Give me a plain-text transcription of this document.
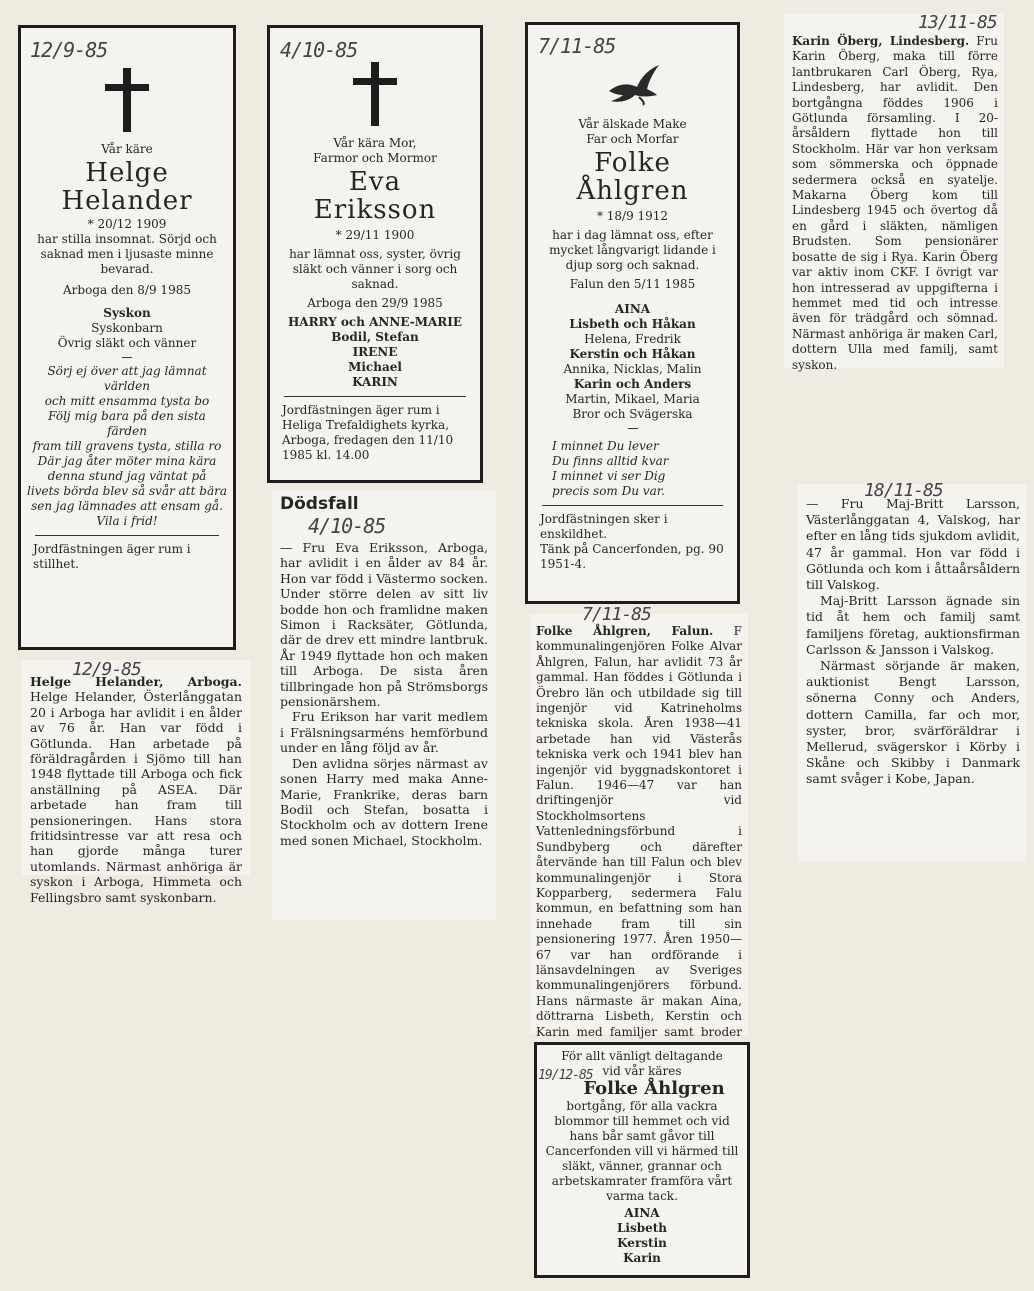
Vår käre
Helge
Helander
* 20/12 1909
har stilla insomnat. Sörjd och saknad men i ljusaste minne bevarad.
Arboga den 8/9 1985
Syskon
Syskonbarn
Övrig släkt och vänner
Sörj ej över att jag lämnat världen
och mitt ensamma tysta bo
Följ mig bara på den sista färden
fram till gravens tysta, stilla ro
Där jag åter möter mina kära
denna stund jag väntat på
livets börda blev så svår att bära
sen jag lämnades att ensam gå.
Vila i frid!
Jordfästningen äger rum i stillhet.
12/9-85
Helge Helander, Arboga. Helge Helander, Österlånggatan 20 i Arboga har avlidit i en ålder av 76 år. Han var född i Götlunda. Han arbetade på föräldragården i Sjömo till han 1948 flyttade till Arboga och fick anställning på ASEA. Där arbetade han fram till pensioneringen. Hans stora fritidsintresse var att resa och han gjorde många turer utomlands. Närmast anhöriga är syskon i Arboga, Himmeta och Fellingsbro samt syskonbarn.
12/9-85
Vår kära Mor,
Farmor och Mormor
Eva
Eriksson
* 29/11 1900
har lämnat oss, syster, övrig släkt och vänner i sorg och saknad.
Arboga den 29/9 1985
HARRY och ANNE-MARIE
Bodil, Stefan
IRENE
Michael
KARIN
Jordfästningen äger rum i Heliga Trefaldighets kyrka, Arboga, fredagen den 11/10 1985 kl. 14.00
4/10-85
Dödsfall
4/10-85
— Fru Eva Eriksson, Arboga, har avlidit i en ålder av 84 år. Hon var född i Västermo socken. Under större delen av sitt liv bodde hon och framlidne maken Simon i Racksäter, Götlunda, där de drev ett mindre lantbruk. År 1949 flyttade hon och maken till Arboga. De sista åren tillbringade hon på Strömsborgs pensionärshem.
Fru Erikson har varit medlem i Frälsningsarméns hemförbund under en lång följd av år.
Den avlidna sörjes närmast av sonen Harry med maka Anne-Marie, Frankrike, deras barn Bodil och Stefan, bosatta i Stockholm och av dottern Irene med sonen Michael, Stockholm.
Vår älskade Make
Far och Morfar
Folke
Åhlgren
* 18/9 1912
har i dag lämnat oss, efter mycket långvarigt lidande i djup sorg och saknad.
Falun den 5/11 1985
AINA
Lisbeth och Håkan
Helena, Fredrik
Kerstin och Håkan
Annika, Nicklas, Malin
Karin och Anders
Martin, Mikael, Maria
Bror och Svägerska
I minnet Du lever
Du finns alltid kvar
I minnet vi ser Dig
precis som Du var.
Jordfästningen sker i enskildhet.
Tänk på Cancerfonden, pg. 90 1951-4.
7/11-85
Folke Åhlgren, Falun. F kommunalingenjören Folke Alvar Åhlgren, Falun, har avlidit 73 år gammal. Han föddes i Götlunda i Örebro län och utbildade sig till ingenjör vid Katrineholms tekniska skola. Åren 1938—41 arbetade han vid Västerås tekniska verk och 1941 blev han ingenjör vid byggnadskontoret i Falun. 1946—47 var han driftingenjör vid Stockholmsortens Vattenledningsförbund i Sundbyberg och därefter återvände han till Falun och blev kommunalingenjör i Stora Kopparberg, sedermera Falu kommun, en befattning som han innehade fram till sin pensionering 1977. Åren 1950—67 var han ordförande i länsavdelningen av Sveriges kommunalingenjörers förbund. Hans närmaste är makan Aina, döttrarna Lisbeth, Kerstin och Karin med familjer samt broder
7/11-85
För allt vänligt deltagande
vid vår käres
Folke Åhlgren
bortgång, för alla vackra blommor till hemmet och vid hans bår samt gåvor till Cancerfonden vill vi härmed till släkt, vänner, grannar och arbetskamrater framföra vårt varma tack.
AINA
Lisbeth
Kerstin
Karin
19/12-85
Karin Öberg, Lindesberg. Fru Karin Öberg, maka till förre lantbrukaren Carl Öberg, Rya, Lindesberg, har avlidit. Den bortgångna föddes 1906 i Götlunda församling. I 20-årsåldern flyttade hon till Stockholm. Här var hon verksam som sömmerska och öppnade sedermera också en syatelje. Makarna Öberg kom till Lindesberg 1945 och övertog då en gård i släkten, nämligen Brudsten. Som pensionärer bosatte de sig i Rya. Karin Öberg var aktiv inom CKF. I övrigt var hon intresserad av uppgifterna i hemmet med tid och intresse även för trädgård och sömnad. Närmast anhöriga är maken Carl, dottern Ulla med familj, samt syskon.
13/11-85
— Fru Maj-Britt Larsson, Västerlånggatan 4, Valskog, har efter en lång tids sjukdom avlidit, 47 år gammal. Hon var född i Götlunda och kom i åttaårsåldern till Valskog.
Maj-Britt Larsson ägnade sin tid åt hem och familj samt familjens företag, auktionsfirman Carlsson & Jansson i Valskog.
Närmast sörjande är maken, auktionist Bengt Larsson, sönerna Conny och Anders, dottern Camilla, far och mor, syster, bror, svärföräldrar i Mellerud, svägerskor i Körby i Skåne och Skibby i Danmark samt svåger i Kobe, Japan.
18/11-85
